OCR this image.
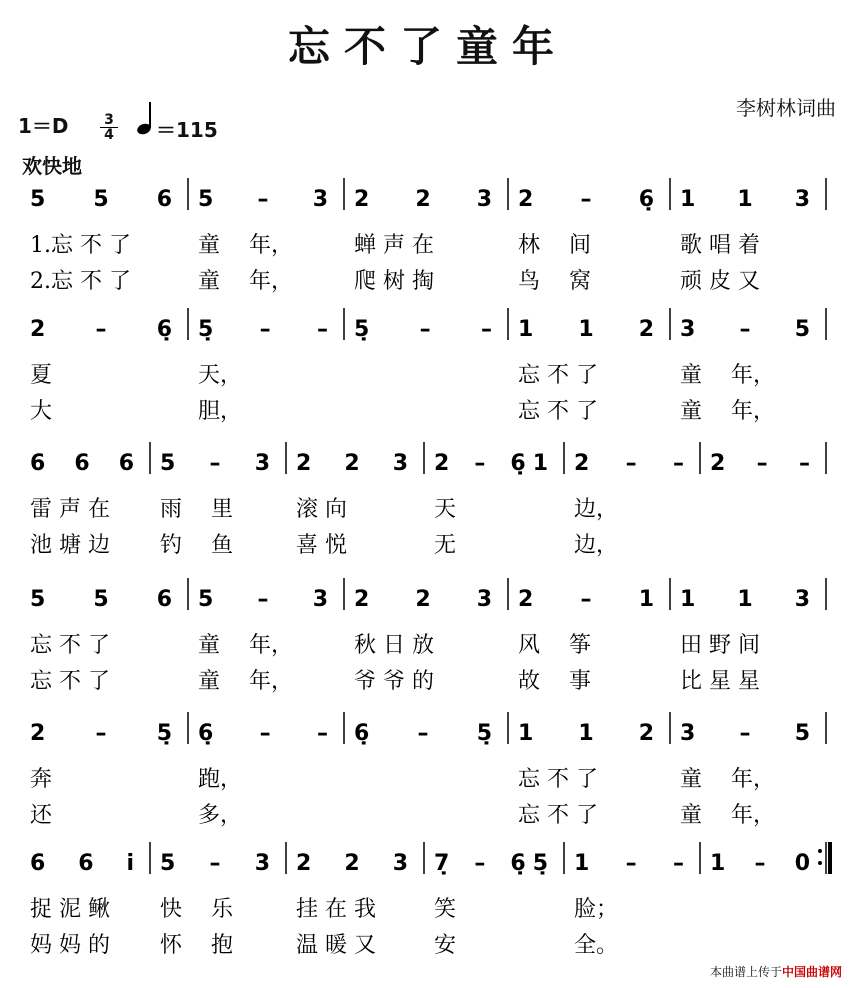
忘不了童年
李树林词曲
1＝D	3
4 ＝115
欢快地
5 5 6
1.忘 不 了
2.忘 不 了
5 – 3
童　 年，
童　 年，
2 2 3
蝉 声 在
爬 树 掏
2 – 6̣
林　 间
鸟　 窝
1 1 3
歌 唱 着
顽 皮 又
2 – 6̣
夏
大
5̣ – –
天，
胆，
5̣ – – 1 1 2
忘 不 了
忘 不 了
3 – 5
童　 年，
童　 年，
6 6 6
雷 声 在
池 塘 边
5 – 3
雨　 里
钓　 鱼
2 2 3
滚 向
喜 悦
2 – 6̣1
天
无
2 – –
边，
边，
2 – –
5 5 6
忘 不 了
忘 不 了
5 – 3
童　 年，
童　 年，
2 2 3
秋 日 放
爷 爷 的
2 – 1
风　 筝
故　 事
1 1 3
田 野 间
比 星 星
2 – 5̣
奔
还
6̣ – –
跑，
多，
6̣ – 5̣ 1 1 2
忘 不 了
忘 不 了
3 – 5
童　 年，
童　 年，
6 6 i
捉 泥 鳅
妈 妈 的
5 – 3
快　 乐
怀　 抱
2 2 3
挂 在 我
温 暖 又
7̣ – 6̣5̣
笑
安
1 – –
脸；
全。
1 – 0
本曲谱上传于中国曲谱网
